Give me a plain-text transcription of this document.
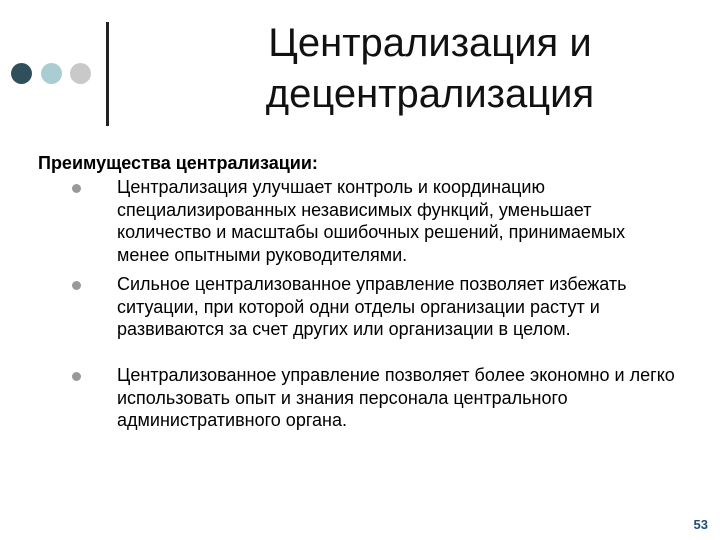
Централизация и
децентрализация
Преимущества централизации:
Централизация улучшает контроль и координацию специализированных независимых функций, уменьшает количество и масштабы ошибочных решений, принимаемых менее опытными руководителями.
Сильное централизованное управление позволяет избежать ситуации, при которой одни отделы организации растут и развиваются за счет других или организации в целом.
Централизованное управление позволяет более экономно и легко использовать опыт и знания персонала центрального административного органа.
53
